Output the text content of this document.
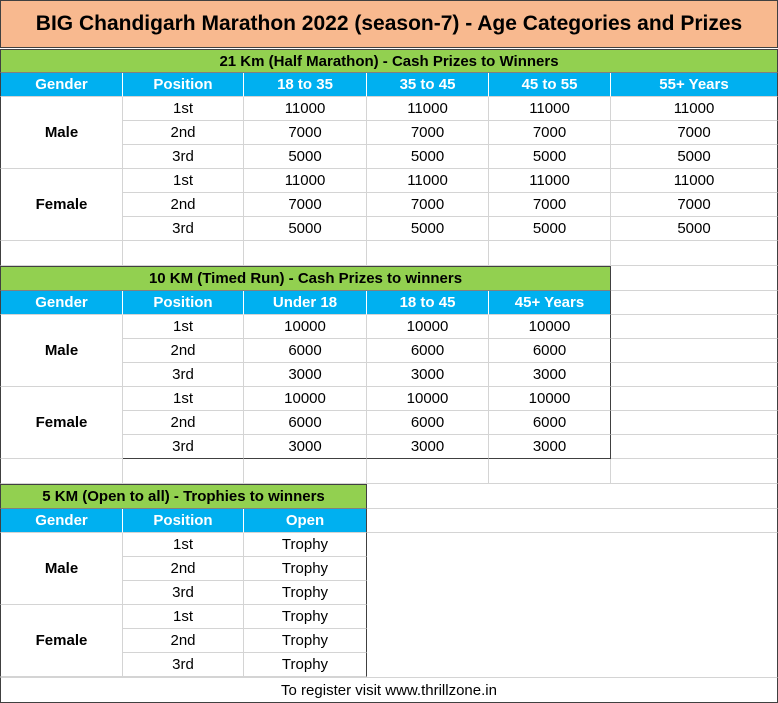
BIG Chandigarh Marathon 2022 (season-7) - Age Categories and Prizes
21 Km (Half Marathon) - Cash Prizes to Winners
Gender	Position	18 to 35	35 to 45	45 to 55	55+ Years
Male
1st	11000	11000	11000	11000
2nd	7000	7000	7000	7000
3rd	5000	5000	5000	5000
Female
1st	11000	11000	11000	11000
2nd	7000	7000	7000	7000
3rd	5000	5000	5000	5000
10 KM (Timed Run) - Cash Prizes to winners
Gender	Position	Under 18	18 to 45	45+ Years
Male
1st	10000	10000	10000
2nd	6000	6000	6000
3rd	3000	3000	3000
Female
1st	10000	10000	10000
2nd	6000	6000	6000
3rd	3000	3000	3000
5 KM (Open to all) - Trophies to winners
Gender	Position	Open
Male
1st	Trophy
2nd	Trophy
3rd	Trophy
Female
1st	Trophy
2nd	Trophy
3rd	Trophy
To register visit www.thrillzone.in
